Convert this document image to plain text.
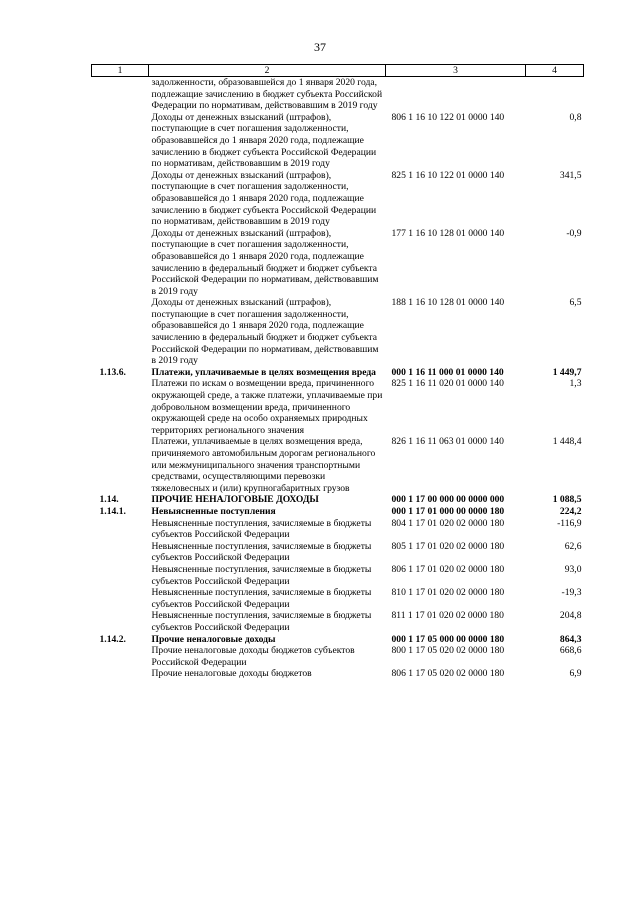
37
1	2	3	4
	задолженности, образовавшейся до 1 января 2020 года, подлежащие зачислению в бюджет субъекта Российской Федерации по нормативам, действовавшим в 2019 году		
	Доходы от денежных взысканий (штрафов), поступающие в счет погашения задолженности, образовавшейся до 1 января 2020 года, подлежащие зачислению в бюджет субъекта Российской Федерации по нормативам, действовавшим в 2019 году	806 1 16 10 122 01 0000 140	0,8
	Доходы от денежных взысканий (штрафов), поступающие в счет погашения задолженности, образовавшейся до 1 января 2020 года, подлежащие зачислению в бюджет субъекта Российской Федерации по нормативам, действовавшим в 2019 году	825 1 16 10 122 01 0000 140	341,5
	Доходы от денежных взысканий (штрафов), поступающие в счет погашения задолженности, образовавшейся до 1 января 2020 года, подлежащие зачислению в федеральный бюджет и бюджет субъекта Российской Федерации по нормативам, действовавшим в 2019 году	177 1 16 10 128 01 0000 140	-0,9
	Доходы от денежных взысканий (штрафов), поступающие в счет погашения задолженности, образовавшейся до 1 января 2020 года, подлежащие зачислению в федеральный бюджет и бюджет субъекта Российской Федерации по нормативам, действовавшим в 2019 году	188 1 16 10 128 01 0000 140	6,5
1.13.6.	Платежи, уплачиваемые в целях возмещения вреда	000 1 16 11 000 01 0000 140	1 449,7
	Платежи по искам о возмещении вреда, причиненного окружающей среде, а также платежи, уплачиваемые при добровольном возмещении вреда, причиненного окружающей среде на особо охраняемых природных территориях регионального значения	825 1 16 11 020 01 0000 140	1,3
	Платежи, уплачиваемые в целях возмещения вреда, причиняемого автомобильным дорогам регионального или межмуниципального значения транспортными средствами, осуществляющими перевозки тяжеловесных и (или) крупногабаритных грузов	826 1 16 11 063 01 0000 140	1 448,4
1.14.	ПРОЧИЕ НЕНАЛОГОВЫЕ ДОХОДЫ	000 1 17 00 000 00 0000 000	1 088,5
1.14.1.	Невыясненные поступления	000 1 17 01 000 00 0000 180	224,2
	Невыясненные поступления, зачисляемые в бюджеты субъектов Российской Федерации	804 1 17 01 020 02 0000 180	-116,9
	Невыясненные поступления, зачисляемые в бюджеты субъектов Российской Федерации	805 1 17 01 020 02 0000 180	62,6
	Невыясненные поступления, зачисляемые в бюджеты субъектов Российской Федерации	806 1 17 01 020 02 0000 180	93,0
	Невыясненные поступления, зачисляемые в бюджеты субъектов Российской Федерации	810 1 17 01 020 02 0000 180	-19,3
	Невыясненные поступления, зачисляемые в бюджеты субъектов Российской Федерации	811 1 17 01 020 02 0000 180	204,8
1.14.2.	Прочие неналоговые доходы	000 1 17 05 000 00 0000 180	864,3
	Прочие неналоговые доходы бюджетов субъектов Российской Федерации	800 1 17 05 020 02 0000 180	668,6
	Прочие неналоговые доходы бюджетов	806 1 17 05 020 02 0000 180	6,9
